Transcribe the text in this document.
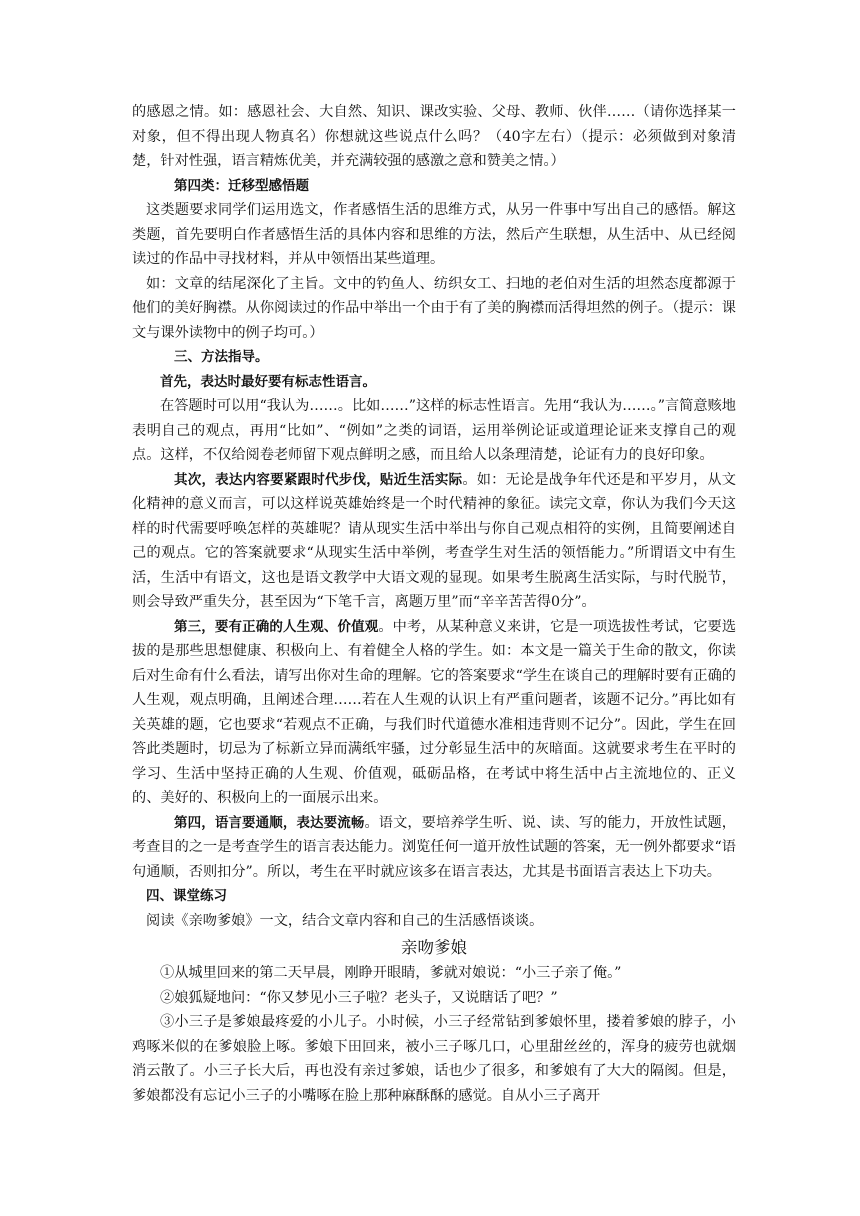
的感恩之情。如：感恩社会、大自然、知识、课改实验、父母、教师、伙伴……（请你选择某一对象，但不得出现人物真名）你想就这些说点什么吗？（40字左右）（提示：必须做到对象清楚，针对性强，语言精炼优美，并充满较强的感激之意和赞美之情。）

第四类：迁移型感悟题

这类题要求同学们运用选文，作者感悟生活的思维方式，从另一件事中写出自己的感悟。解这类题，首先要明白作者感悟生活的具体内容和思维的方法，然后产生联想，从生活中、从已经阅读过的作品中寻找材料，并从中领悟出某些道理。

如：文章的结尾深化了主旨。文中的钓鱼人、纺织女工、扫地的老伯对生活的坦然态度都源于他们的美好胸襟。从你阅读过的作品中举出一个由于有了美的胸襟而活得坦然的例子。（提示：课文与课外读物中的例子均可。）

三、方法指导。

首先，表达时最好要有标志性语言。

在答题时可以用“我认为……。比如……”这样的标志性语言。先用“我认为……。”言简意赅地表明自己的观点，再用“比如”、“例如”之类的词语，运用举例论证或道理论证来支撑自己的观点。这样，不仅给阅卷老师留下观点鲜明之感，而且给人以条理清楚，论证有力的良好印象。

其次，表达内容要紧跟时代步伐，贴近生活实际。如：无论是战争年代还是和平岁月，从文化精神的意义而言，可以这样说英雄始终是一个时代精神的象征。读完文章，你认为我们今天这样的时代需要呼唤怎样的英雄呢？请从现实生活中举出与你自己观点相符的实例，且简要阐述自己的观点。它的答案就要求“从现实生活中举例，考查学生对生活的领悟能力。”所谓语文中有生活，生活中有语文，这也是语文教学中大语文观的显现。如果考生脱离生活实际，与时代脱节，则会导致严重失分，甚至因为“下笔千言，离题万里”而“辛辛苦苦得0分”。

第三，要有正确的人生观、价值观。中考，从某种意义来讲，它是一项选拔性考试，它要选拔的是那些思想健康、积极向上、有着健全人格的学生。如：本文是一篇关于生命的散文，你读后对生命有什么看法，请写出你对生命的理解。它的答案要求“学生在谈自己的理解时要有正确的人生观，观点明确，且阐述合理……若在人生观的认识上有严重问题者，该题不记分。”再比如有关英雄的题，它也要求“若观点不正确，与我们时代道德水准相违背则不记分”。因此，学生在回答此类题时，切忌为了标新立异而满纸牢骚，过分彰显生活中的灰暗面。这就要求考生在平时的学习、生活中坚持正确的人生观、价值观，砥砺品格，在考试中将生活中占主流地位的、正义的、美好的、积极向上的一面展示出来。

第四，语言要通顺，表达要流畅。语文，要培养学生听、说、读、写的能力，开放性试题，考查目的之一是考查学生的语言表达能力。浏览任何一道开放性试题的答案，无一例外都要求“语句通顺，否则扣分”。所以，考生在平时就应该多在语言表达，尤其是书面语言表达上下功夫。

四、课堂练习

阅读《亲吻爹娘》一文，结合文章内容和自己的生活感悟谈谈。

亲吻爹娘

①从城里回来的第二天早晨，刚睁开眼睛，爹就对娘说：“小三子亲了俺。”

②娘狐疑地问：“你又梦见小三子啦？老头子，又说瞎话了吧？”

③小三子是爹娘最疼爱的小儿子。小时候，小三子经常钻到爹娘怀里，搂着爹娘的脖子，小鸡啄米似的在爹娘脸上啄。爹娘下田回来，被小三子啄几口，心里甜丝丝的，浑身的疲劳也就烟消云散了。小三子长大后，再也没有亲过爹娘，话也少了很多，和爹娘有了大大的隔阂。但是，爹娘都没有忘记小三子的小嘴啄在脸上那种麻酥酥的感觉。自从小三子离开
